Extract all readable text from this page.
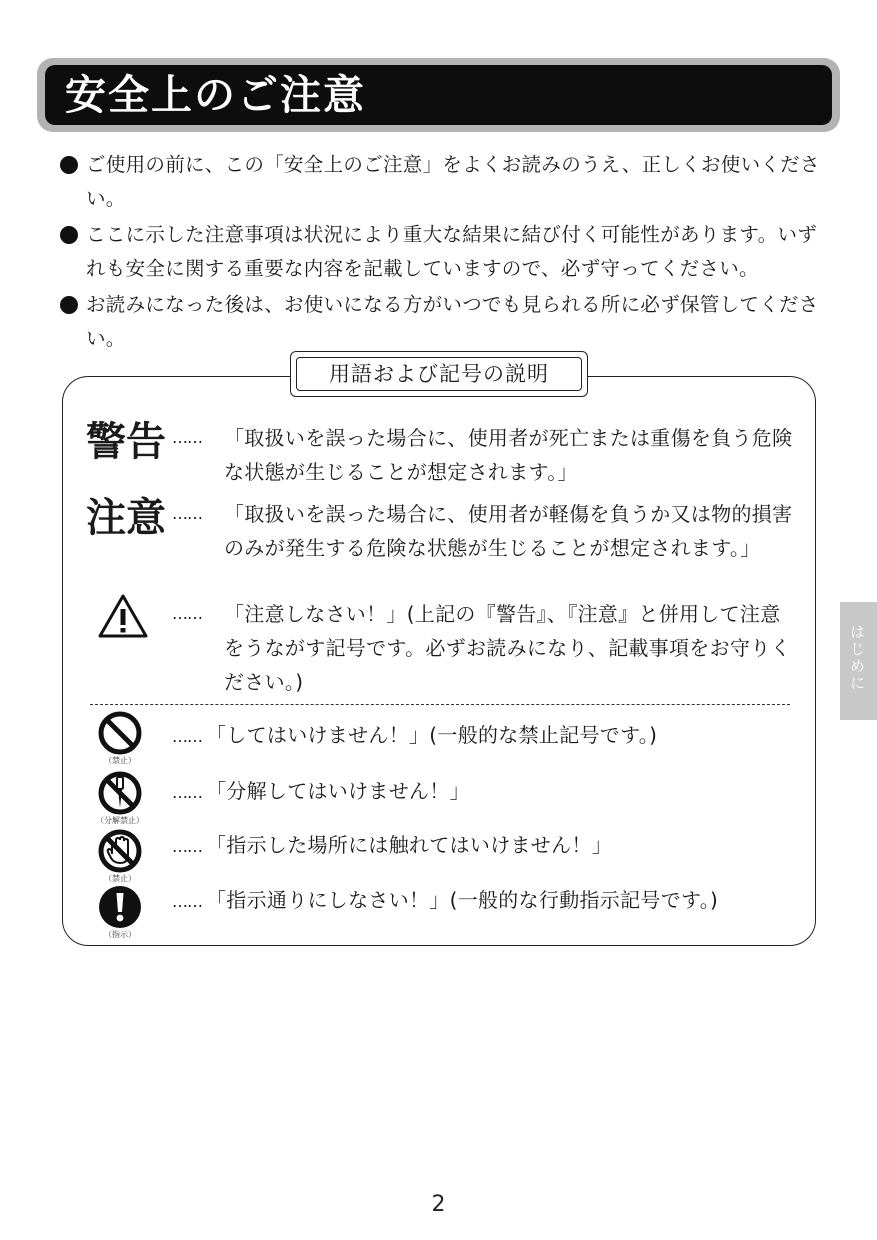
安全上のご注意
ご使用の前に、この「安全上のご注意」をよくお読みのうえ、正しくお使いください。
ここに示した注意事項は状況により重大な結果に結び付く可能性があります。いずれも安全に関する重要な内容を記載していますので、必ず守ってください。
お読みになった後は、お使いになる方がいつでも見られる所に必ず保管してください。
用語および記号の説明
警告 …… 「取扱いを誤った場合に、使用者が死亡または重傷を負う危険な状態が生じることが想定されます。」
注意 …… 「取扱いを誤った場合に、使用者が軽傷を負うか又は物的損害のみが発生する危険な状態が生じることが想定されます。」
…… 「注意しなさい！」(上記の『警告』、『注意』と併用して注意をうながす記号です。必ずお読みになり、記載事項をお守りください。)
（禁止）
…… 「してはいけません！」(一般的な禁止記号です。)
（分解禁止）
…… 「分解してはいけません！」
（禁止）
…… 「指示した場所には触れてはいけません！」
（指示）
…… 「指示通りにしなさい！」(一般的な行動指示記号です。)
はじめに
2
